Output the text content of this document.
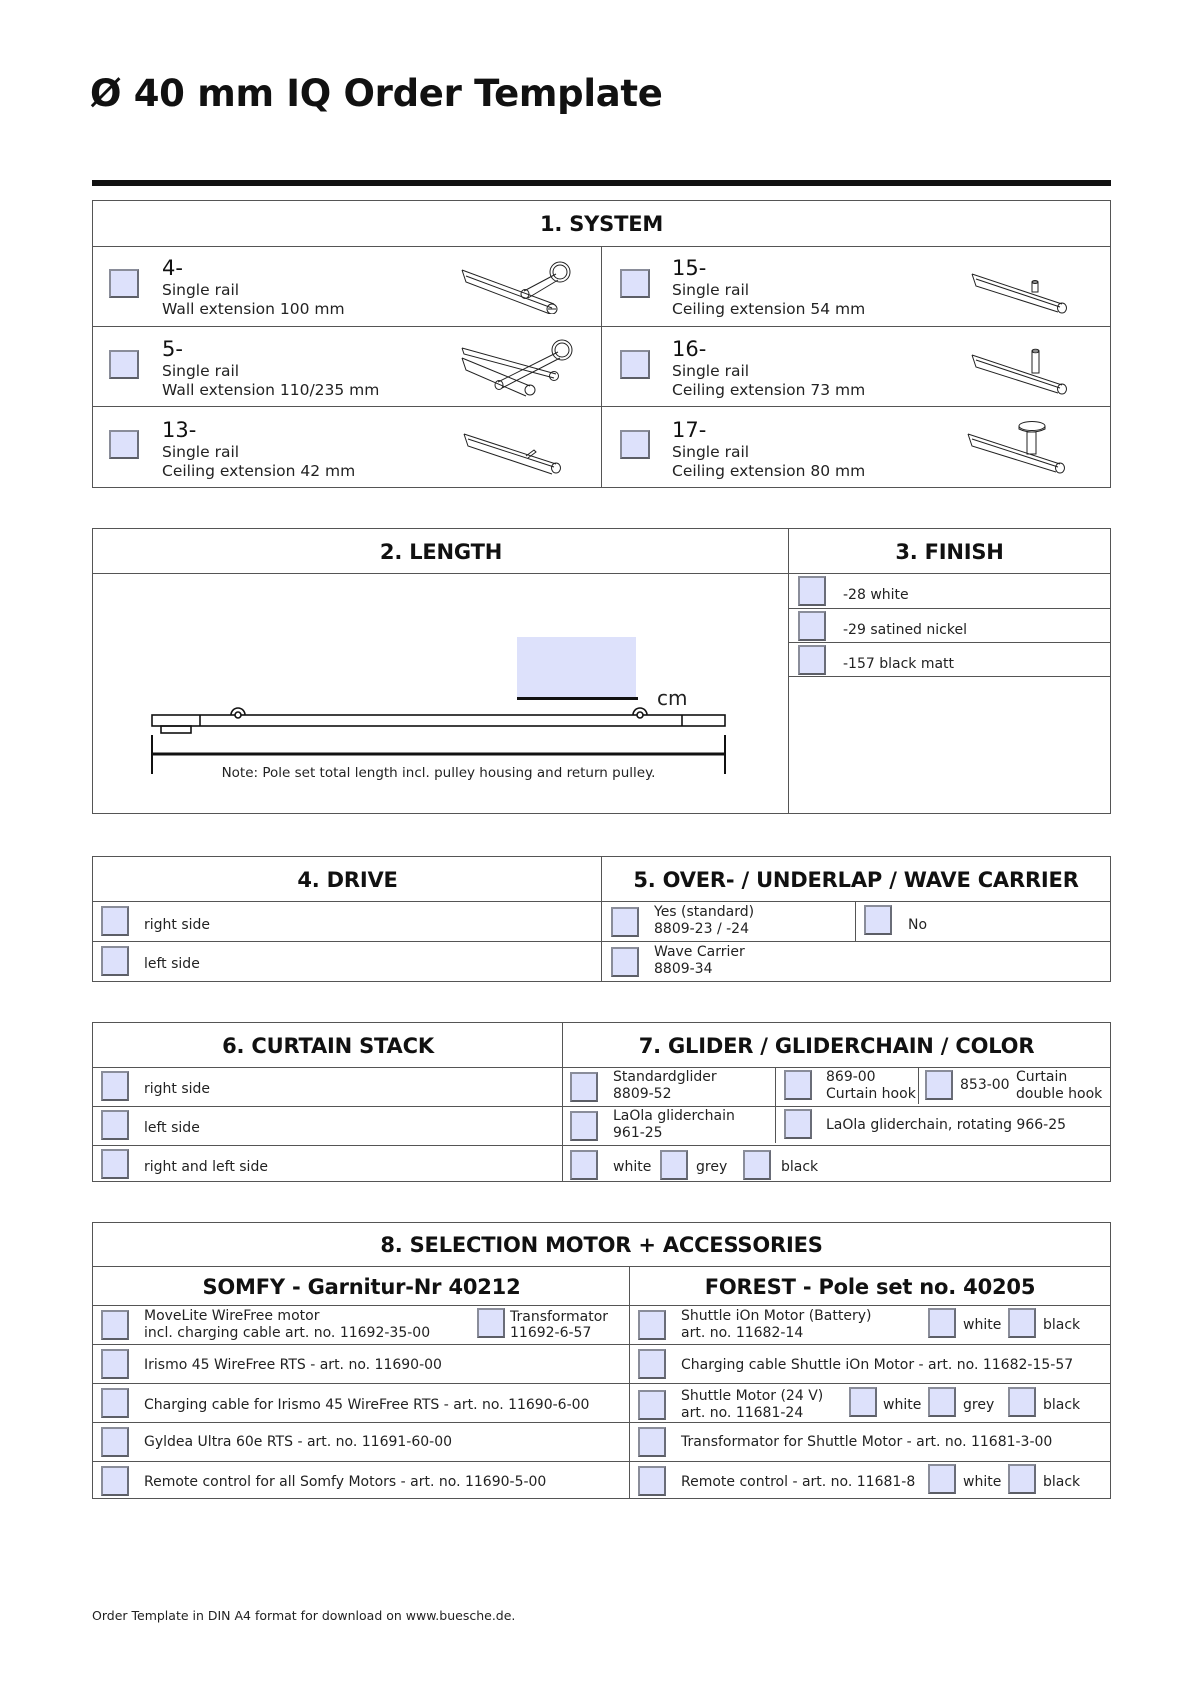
Ø 40 mm IQ Order Template
1. SYSTEM
4-
Single rail
Wall extension 100 mm
15-
Single rail
Ceiling extension 54 mm
5-
Single rail
Wall extension 110/235 mm
16-
Single rail
Ceiling extension 73 mm
13-
Single rail
Ceiling extension 42 mm
17-
Single rail
Ceiling extension 80 mm
2. LENGTH	3. FINISH
cm
Note: Pole set total length incl. pulley housing and return pulley.
-28 white
-29 satined nickel
-157 black matt
4. DRIVE	5. OVER- / UNDERLAP / WAVE CARRIER
right side
left side
Yes (standard)
8809-23 / -24	No
Wave Carrier
8809-34
6. CURTAIN STACK	7. GLIDER / GLIDERCHAIN / COLOR
right side
left side
right and left side
Standardglider
8809-52
869-00
Curtain hook
853-00 Curtain
double hook
LaOla gliderchain
961-25	LaOla gliderchain, rotating 966-25
white	grey	black
8. SELECTION MOTOR + ACCESSORIES
SOMFY - Garnitur-Nr 40212	FOREST - Pole set no. 40205
MoveLite WireFree motor
incl. charging cable art. no. 11692-35-00
Transformator
11692-6-57
Irismo 45 WireFree RTS - art. no. 11690-00
Charging cable for Irismo 45 WireFree RTS - art. no. 11690-6-00
Gyldea Ultra 60e RTS - art. no. 11691-60-00
Remote control for all Somfy Motors - art. no. 11690-5-00
Shuttle iOn Motor (Battery)
art. no. 11682-14	white	black
Charging cable Shuttle iOn Motor - art. no. 11682-15-57
Shuttle Motor (24 V)
art. no. 11681-24	white	grey	black
Transformator for Shuttle Motor - art. no. 11681-3-00
Remote control - art. no. 11681-8	white	black
Order Template in DIN A4 format for download on www.buesche.de.
